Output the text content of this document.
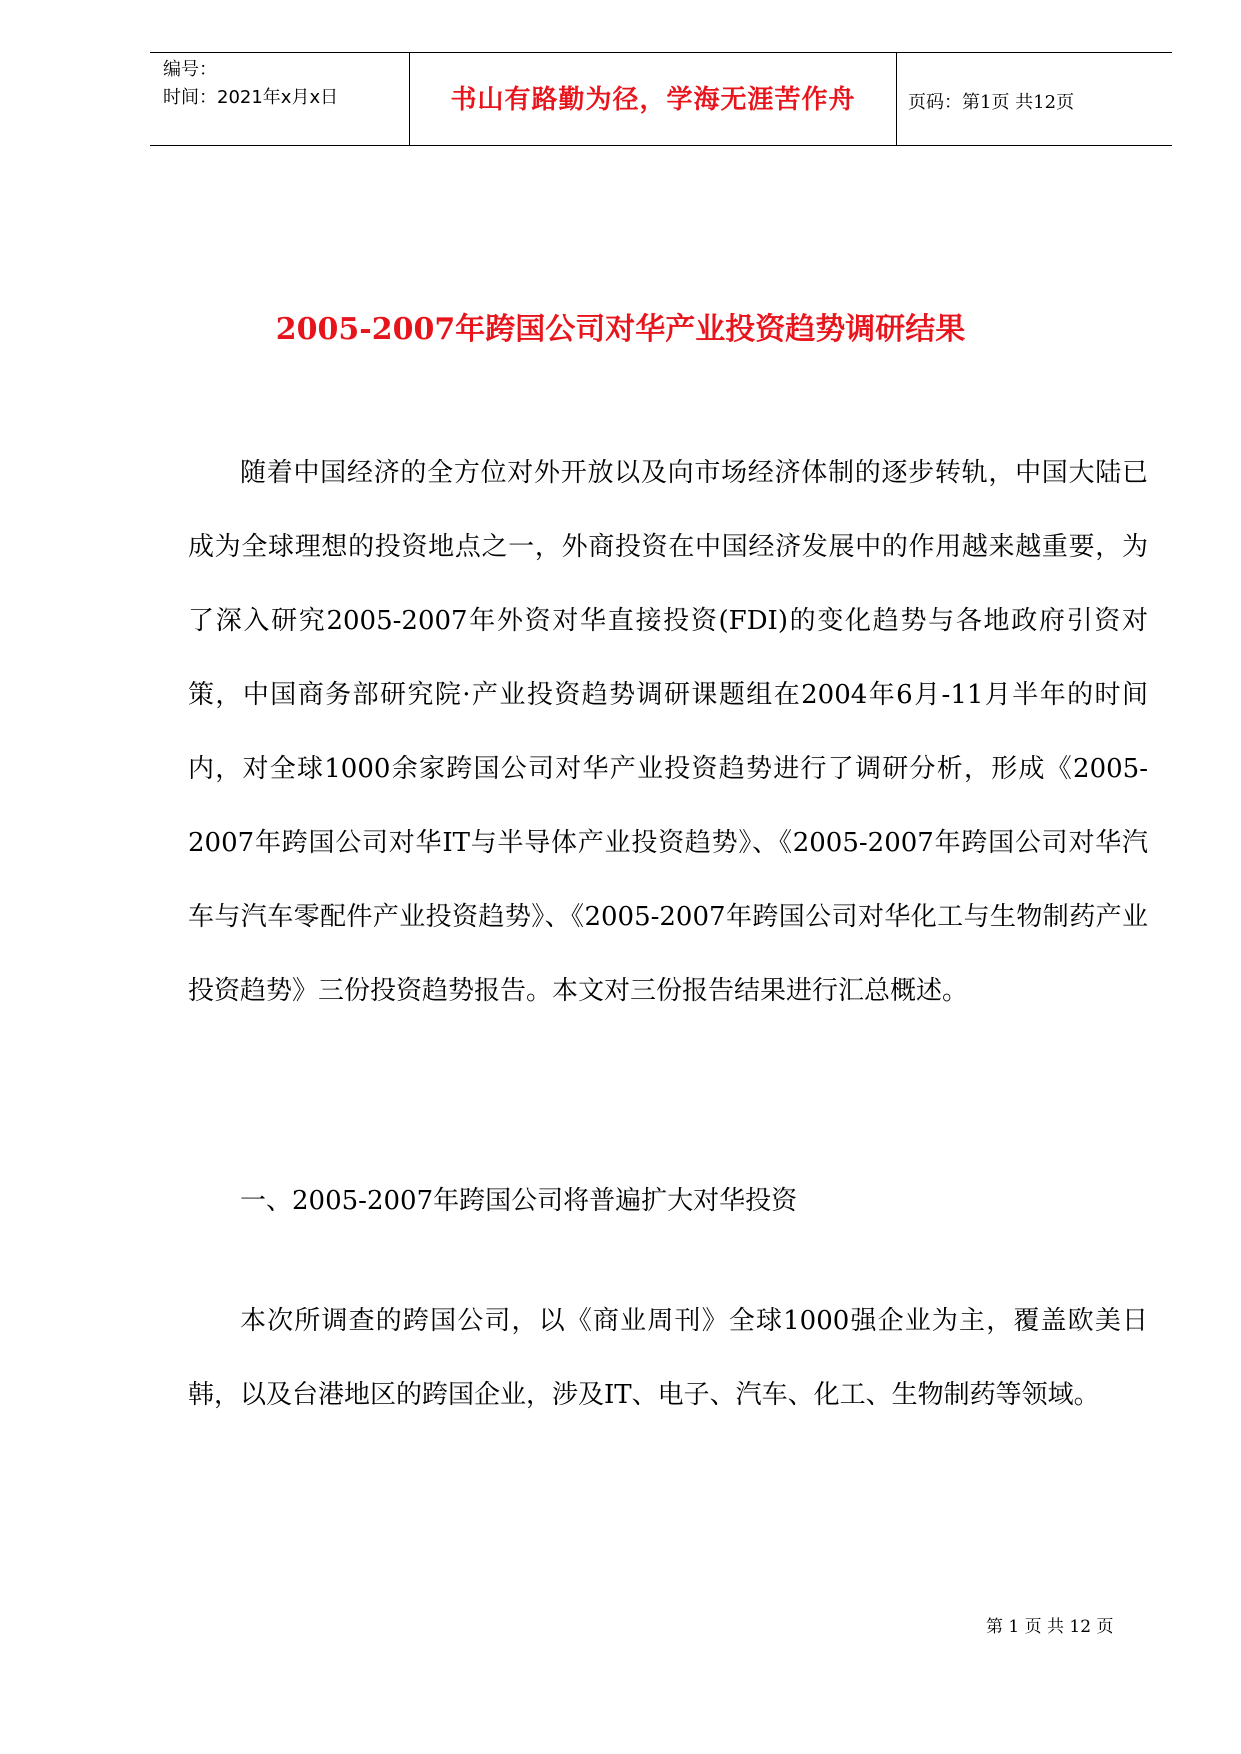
编号：
时间：2021年x月x日	书山有路勤为径，学海无涯苦作舟	页码：第1页 共12页
2005-2007年跨国公司对华产业投资趋势调研结果

随着中国经济的全方位对外开放以及向市场经济体制的逐步转轨，中国大陆已成为全球理想的投资地点之一，外商投资在中国经济发展中的作用越来越重要，为了深入研究2005-2007年外资对华直接投资(FDI)的变化趋势与各地政府引资对策，中国商务部研究院·产业投资趋势调研课题组在2004年6月-11月半年的时间内，对全球1000余家跨国公司对华产业投资趋势进行了调研分析，形成《2005-2007年跨国公司对华IT与半导体产业投资趋势》、《2005-2007年跨国公司对华汽车与汽车零配件产业投资趋势》、《2005-2007年跨国公司对华化工与生物制药产业投资趋势》三份投资趋势报告。本文对三份报告结果进行汇总概述。

一、2005-2007年跨国公司将普遍扩大对华投资

本次所调查的跨国公司，以《商业周刊》全球1000强企业为主，覆盖欧美日韩，以及台港地区的跨国企业，涉及IT、电子、汽车、化工、生物制药等领域。

第 1 页 共 12 页
